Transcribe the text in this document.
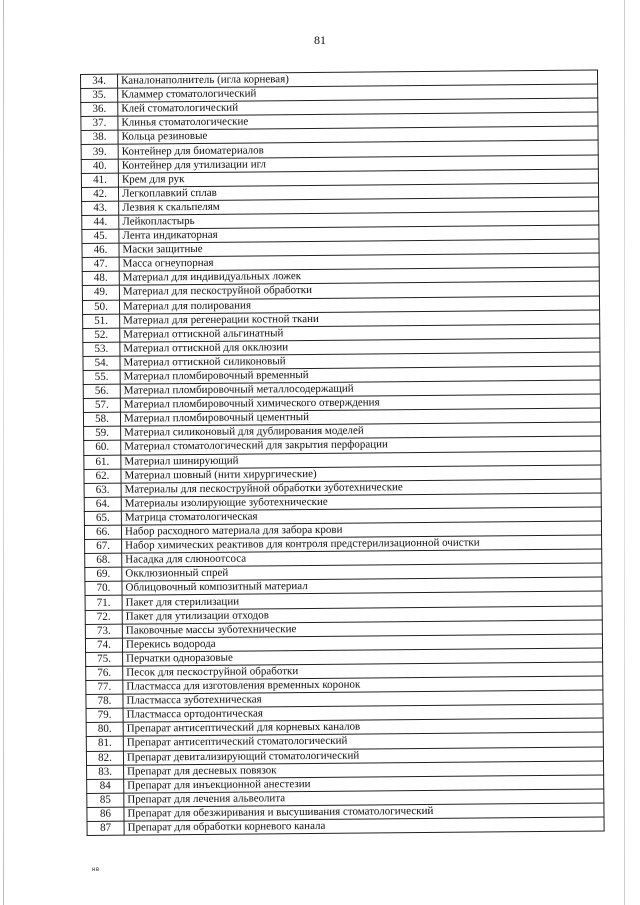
81
34.	Каналонаполнитель (игла корневая)
35.	Кламмер стоматологический
36.	Клей стоматологический
37.	Клинья стоматологические
38.	Кольца резиновые
39.	Контейнер для биоматериалов
40.	Контейнер для утилизации игл
41.	Крем для рук
42.	Легкоплавкий сплав
43.	Лезвия к скальпелям
44.	Лейкопластырь
45.	Лента индикаторная
46.	Маски защитные
47.	Масса огнеупорная
48.	Материал для индивидуальных ложек
49.	Материал для пескоструйной обработки
50.	Материал для полирования
51.	Материал для регенерации костной ткани
52.	Материал оттискной альгинатный
53.	Материал оттискной для окклюзии
54.	Материал оттискной силиконовый
55.	Материал пломбировочный временный
56.	Материал пломбировочный металлосодержащий
57.	Материал пломбировочный химического отверждения
58.	Материал пломбировочный цементный
59.	Материал силиконовый для дублирования моделей
60.	Материал стоматологический для закрытия перфорации
61.	Материал шинирующий
62.	Материал шовный (нити хирургические)
63.	Материалы для пескоструйной обработки зуботехнические
64.	Материалы изолирующие зуботехнические
65.	Матрица стоматологическая
66.	Набор расходного материала для забора крови
67.	Набор химических реактивов для контроля предстерилизационной очистки
68.	Насадка для слюноотсоса
69.	Окклюзионный спрей
70.	Облицовочный композитный материал
71.	Пакет для стерилизации
72.	Пакет для утилизации отходов
73.	Паковочные массы зуботехнические
74.	Перекись водорода
75.	Перчатки одноразовые
76.	Песок для пескоструйной обработки
77.	Пластмасса для изготовления временных коронок
78.	Пластмасса зуботехническая
79.	Пластмасса ортодонтическая
80.	Препарат антисептический для корневых каналов
81.	Препарат антисептический стоматологический
82.	Препарат девитализирующий стоматологический
83.	Препарат для десневых повязок
84	Препарат для инъекционной анестезии
85	Препарат для лечения альвеолита
86	Препарат для обезжиривания и высушивания стоматологический
87	Препарат для обработки корневого канала
нв
